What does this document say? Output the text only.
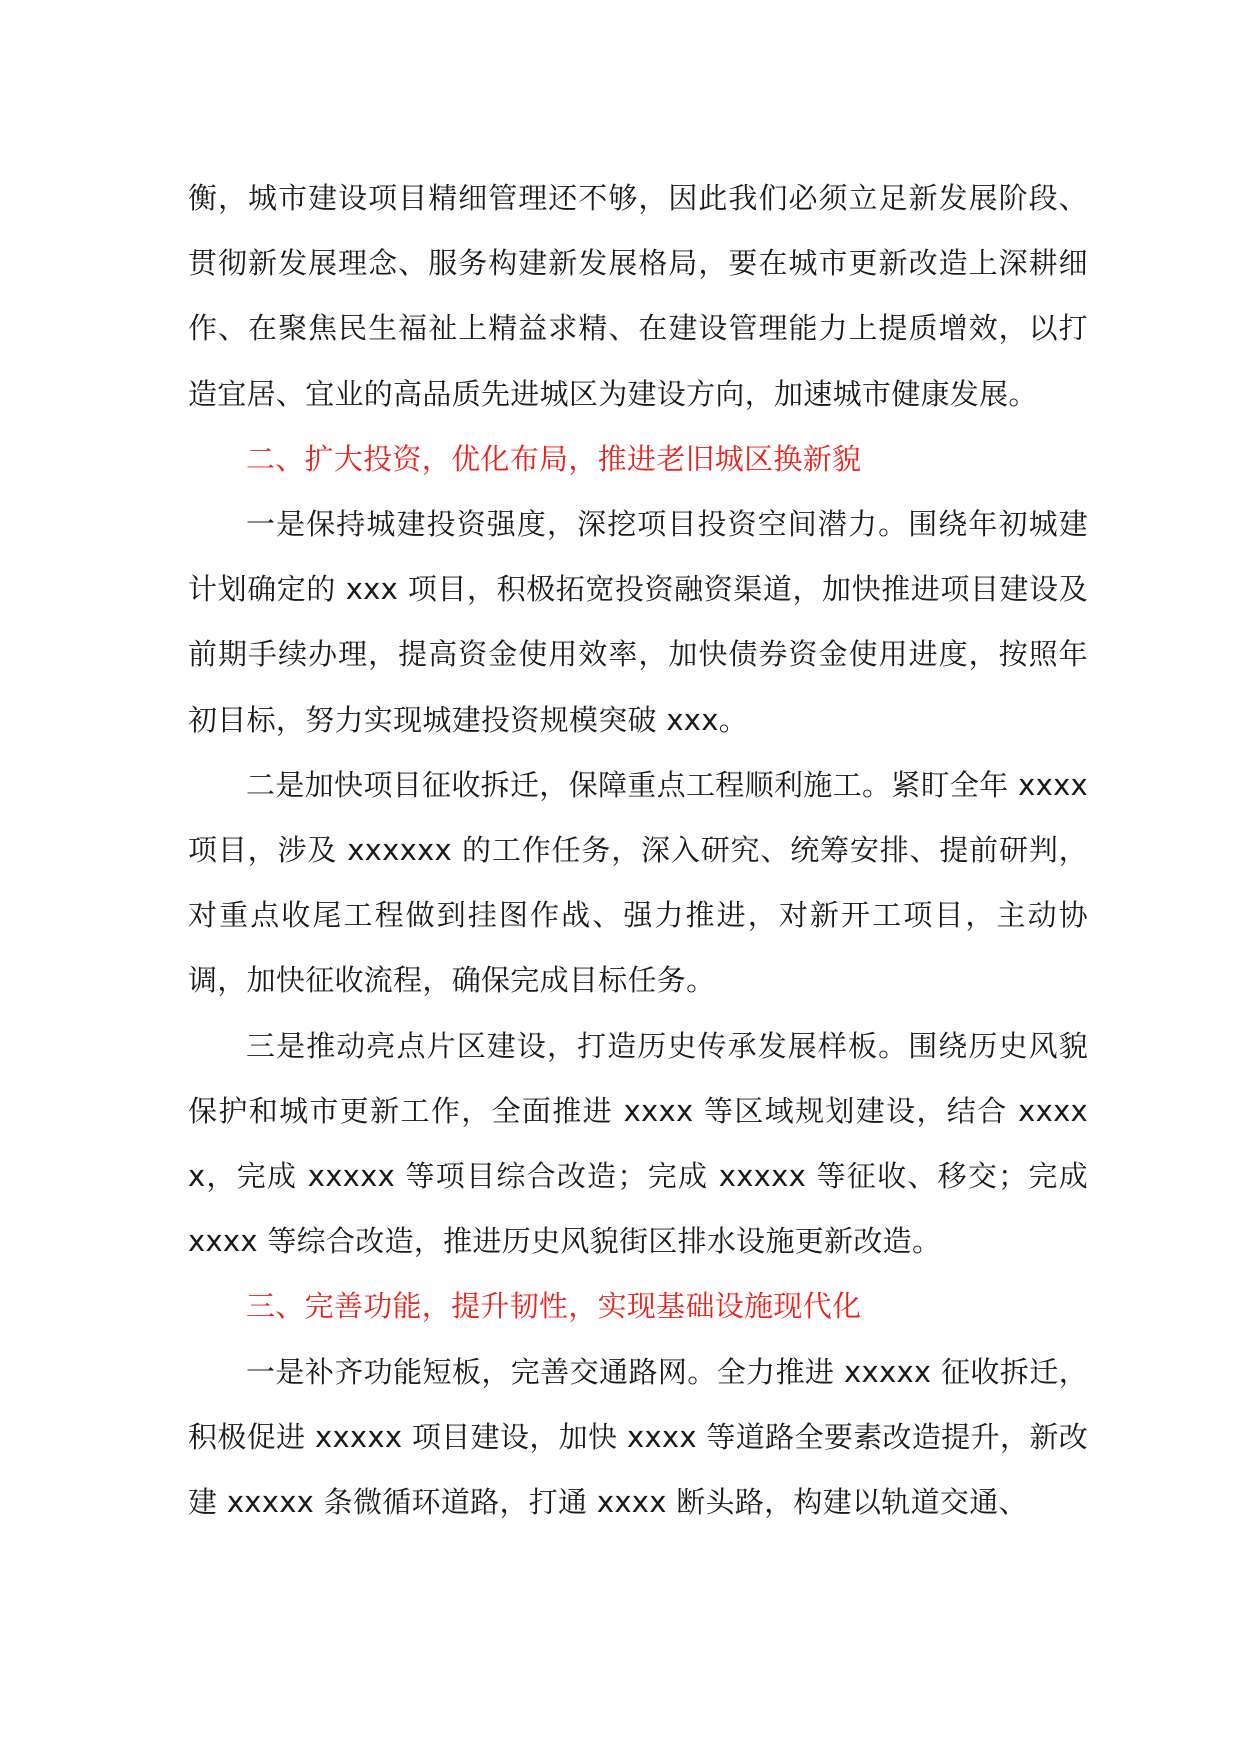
衡，城市建设项目精细管理还不够，因此我们必须立足新发展阶段、贯彻新发展理念、服务构建新发展格局，要在城市更新改造上深耕细作、在聚焦民生福祉上精益求精、在建设管理能力上提质增效，以打造宜居、宜业的高品质先进城区为建设方向，加速城市健康发展。

二、扩大投资，优化布局，推进老旧城区换新貌

一是保持城建投资强度，深挖项目投资空间潜力。围绕年初城建计划确定的 xxx 项目，积极拓宽投资融资渠道，加快推进项目建设及前期手续办理，提高资金使用效率，加快债券资金使用进度，按照年初目标，努力实现城建投资规模突破 xxx。

二是加快项目征收拆迁，保障重点工程顺利施工。紧盯全年 xxxx 项目，涉及 xxxxxx 的工作任务，深入研究、统筹安排、提前研判，对重点收尾工程做到挂图作战、强力推进，对新开工项目，主动协调，加快征收流程，确保完成目标任务。

三是推动亮点片区建设，打造历史传承发展样板。围绕历史风貌保护和城市更新工作，全面推进 xxxx 等区域规划建设，结合 xxxxx，完成 xxxxx 等项目综合改造；完成 xxxxx 等征收、移交；完成 xxxx 等综合改造，推进历史风貌街区排水设施更新改造。

三、完善功能，提升韧性，实现基础设施现代化

一是补齐功能短板，完善交通路网。全力推进 xxxxx 征收拆迁，积极促进 xxxxx 项目建设，加快 xxxx 等道路全要素改造提升，新改建 xxxxx 条微循环道路，打通 xxxx 断头路，构建以轨道交通、
